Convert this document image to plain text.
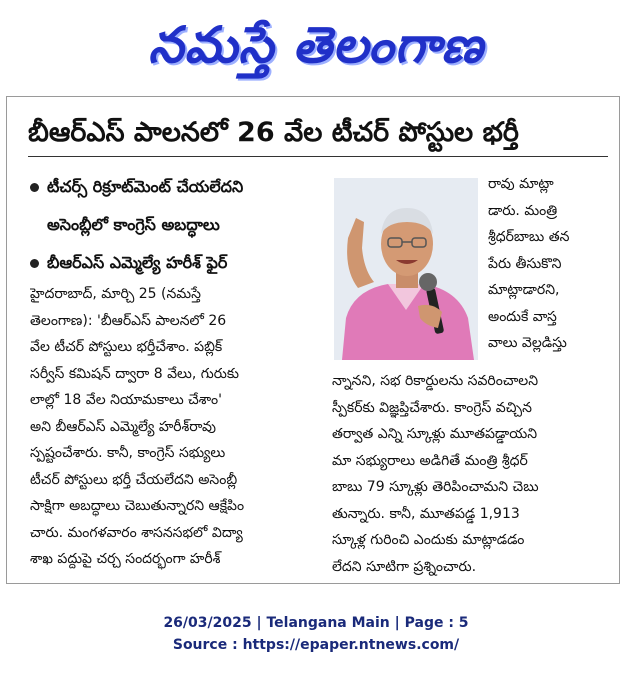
నమస్తే తెలంగాణ
బీఆర్ఎస్ పాలనలో 26 వేల టీచర్ పోస్టుల భర్తీ
టీచర్స్ రిక్రూట్‌మెంట్ చేయలేదని
అసెంబ్లీలో కాంగ్రెస్ అబద్ధాలు
బీఆర్ఎస్ ఎమ్మెల్యే హరీశ్ ఫైర్
రావు మాట్లా
డారు. మంత్రి
శ్రీధర్‌బాబు తన
పేరు తీసుకొని
మాట్లాడారని,
అందుకే వాస్త
వాలు వెల్లడిస్తు
హైదరాబాద్, మార్చి 25 (నమస్తే
తెలంగాణ): 'బీఆర్ఎస్ పాలనలో 26
వేల టీచర్ పోస్టులు భర్తీచేశాం. పబ్లిక్
సర్వీస్ కమిషన్ ద్వారా 8 వేలు, గురుకు
లాల్లో 18 వేల నియామకాలు చేశాం'
అని బీఆర్ఎస్ ఎమ్మెల్యే హరీశ్‌రావు
స్పష్టంచేశారు. కానీ, కాంగ్రెస్ సభ్యులు
టీచర్ పోస్టులు భర్తీ చేయలేదని అసెంబ్లీ
సాక్షిగా అబద్ధాలు చెబుతున్నారని ఆక్షేపిం
చారు. మంగళవారం శాసనసభలో విద్యా
శాఖ పద్దుపై చర్చ సందర్భంగా హరీశ్
న్నానని, సభ రికార్డులను సవరించాలని
స్పీకర్‌కు విజ్ఞప్తిచేశారు. కాంగ్రెస్ వచ్చిన
తర్వాత ఎన్ని స్కూళ్లు మూతపడ్డాయని
మా సభ్యురాలు అడిగితే మంత్రి శ్రీధర్
బాబు 79 స్కూళ్లు తెరిపించామని చెబు
తున్నారు. కానీ, మూతపడ్డ 1,913
స్కూళ్ల గురించి ఎందుకు మాట్లాడడం
లేదని సూటిగా ప్రశ్నించారు.
26/03/2025 | Telangana Main | Page : 5
Source : https://epaper.ntnews.com/
